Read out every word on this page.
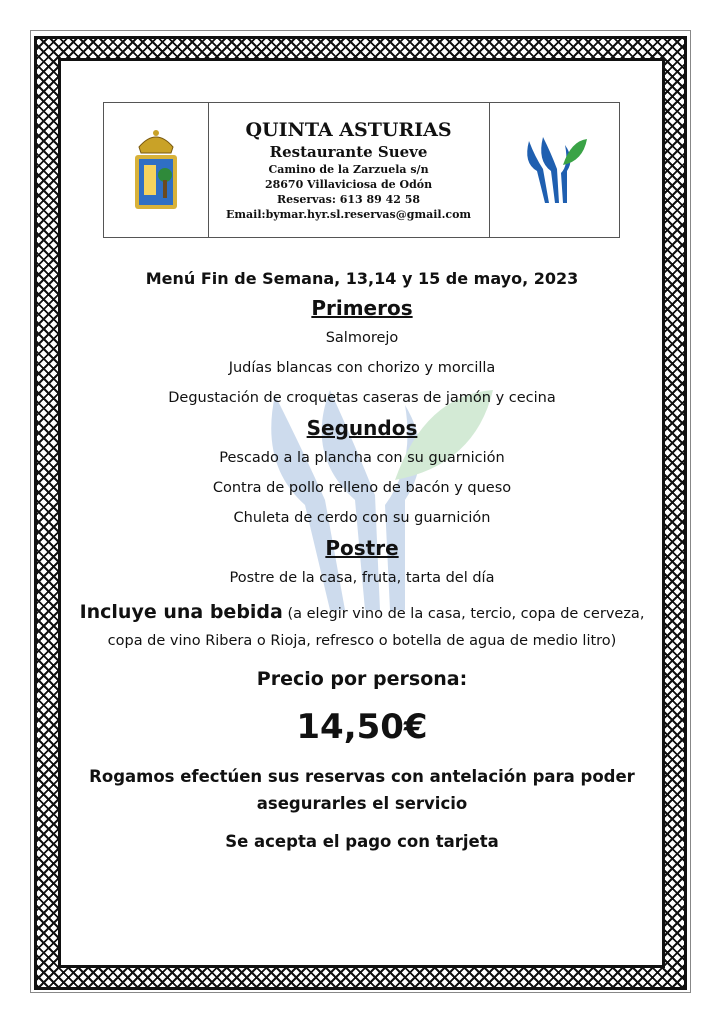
QUINTA ASTURIAS
Restaurante Sueve
Camino de la Zarzuela s/n
28670 Villaviciosa de Odón
Reservas: 613 89 42 58
Email:bymar.hyr.sl.reservas@gmail.com

Menú Fin de Semana, 13,14 y 15 de mayo, 2023

Primeros

Salmorejo

Judías blancas con chorizo y morcilla

Degustación de croquetas caseras de jamón y cecina

Segundos

Pescado a la plancha con su guarnición

Contra de pollo relleno de bacón y queso

Chuleta de cerdo con su guarnición

Postre

Postre de la casa, fruta, tarta del día

Incluye una bebida (a elegir vino de la casa, tercio, copa de cerveza, copa de vino Ribera o Rioja, refresco o botella de agua de medio litro)

Precio por persona:

14,50€

Rogamos efectúen sus reservas con antelación para poder asegurarles el servicio

Se acepta el pago con tarjeta
